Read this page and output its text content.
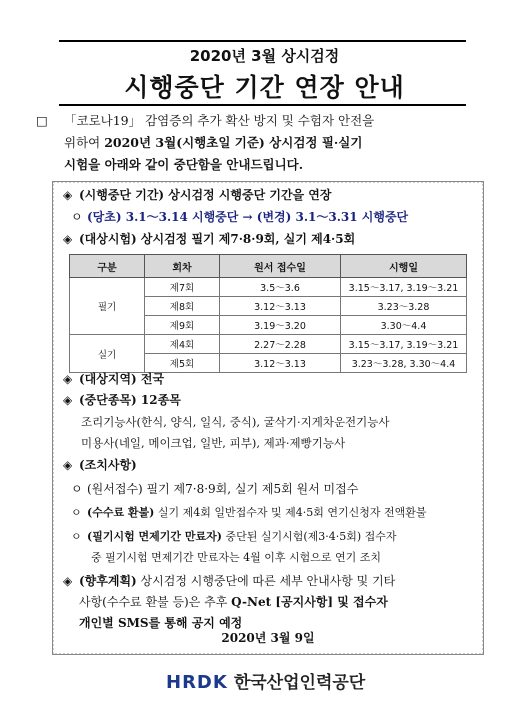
2020년 3월 상시검정
시행중단 기간 연장 안내
□ 「코로나19」 감염증의 추가 확산 방지 및 수험자 안전을
위하여 2020년 3월(시행초일 기준) 상시검정 필·실기
시험을 아래와 같이 중단함을 안내드립니다.
◈ (시행중단 기간) 상시검정 시행중단 기간을 연장
ㅇ (당초) 3.1～3.14 시행중단 → (변경) 3.1～3.31 시행중단
◈ (대상시험) 상시검정 필기 제7·8·9회, 실기 제4·5회
구분	회차	원서 접수일	시행일
필기	제7회	3.5～3.6	3.15～3.17, 3.19～3.21
	제8회	3.12～3.13	3.23～3.28
	제9회	3.19～3.20	3.30～4.4
실기	제4회	2.27～2.28	3.15～3.17, 3.19～3.21
	제5회	3.12～3.13	3.23～3.28, 3.30～4.4
◈ (대상지역) 전국
◈ (중단종목) 12종목
조리기능사(한식, 양식, 일식, 중식), 굴삭기·지게차운전기능사
미용사(네일, 메이크업, 일반, 피부), 제과·제빵기능사
◈ (조치사항)
ㅇ (원서접수) 필기 제7·8·9회, 실기 제5회 원서 미접수
ㅇ (수수료 환불) 실기 제4회 일반접수자 및 제4·5회 연기신청자 전액환불
ㅇ (필기시험 면제기간 만료자) 중단된 실기시험(제3·4·5회) 접수자
중 필기시험 면제기간 만료자는 4월 이후 시험으로 연기 조치
◈ (향후계획) 상시검정 시행중단에 따른 세부 안내사항 및 기타
사항(수수료 환불 등)은 추후 Q-Net [공지사항] 및 접수자
개인별 SMS를 통해 공지 예정
2020년 3월 9일
HRDK 한국산업인력공단
